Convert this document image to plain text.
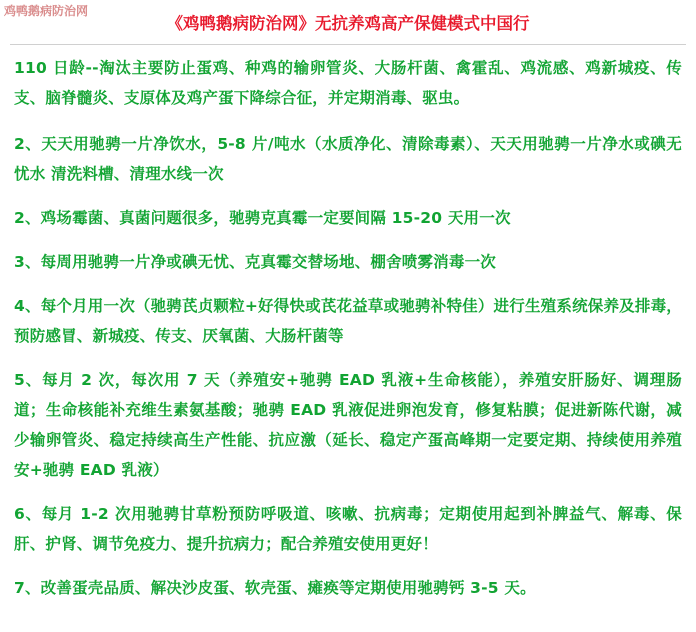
鸡鸭鹅病防治网
《鸡鸭鹅病防治网》无抗养鸡高产保健模式中国行

110 日龄--淘汰主要防止蛋鸡、种鸡的输卵管炎、大肠杆菌、禽霍乱、鸡流感、鸡新城疫、传支、脑脊髓炎、支原体及鸡产蛋下降综合征，并定期消毒、驱虫。

2、天天用驰骋一片净饮水，5-8 片/吨水（水质净化、清除毒素）、天天用驰骋一片净水或碘无忧水 清洗料槽、清理水线一次

2、鸡场霉菌、真菌问题很多，驰骋克真霉一定要间隔 15-20 天用一次

3、每周用驰骋一片净或碘无忧、克真霉交替场地、棚舍喷雾消毒一次

4、每个月用一次（驰骋芪贞颗粒+好得快或芪花益草或驰骋补特佳）进行生殖系统保养及排毒，预防感冒、新城疫、传支、厌氧菌、大肠杆菌等

5、每月 2 次，每次用 7 天（养殖安+驰骋 EAD 乳液+生命核能），养殖安肝肠好、调理肠道；生命核能补充维生素氨基酸；驰骋 EAD 乳液促进卵泡发育，修复粘膜；促进新陈代谢，减少输卵管炎、稳定持续高生产性能、抗应激（延长、稳定产蛋高峰期一定要定期、持续使用养殖安+驰骋 EAD 乳液）

6、每月 1-2 次用驰骋甘草粉预防呼吸道、咳嗽、抗病毒；定期使用起到补脾益气、解毒、保肝、护肾、调节免疫力、提升抗病力；配合养殖安使用更好！

7、改善蛋壳品质、解决沙皮蛋、软壳蛋、瘫痪等定期使用驰骋钙 3-5 天。
